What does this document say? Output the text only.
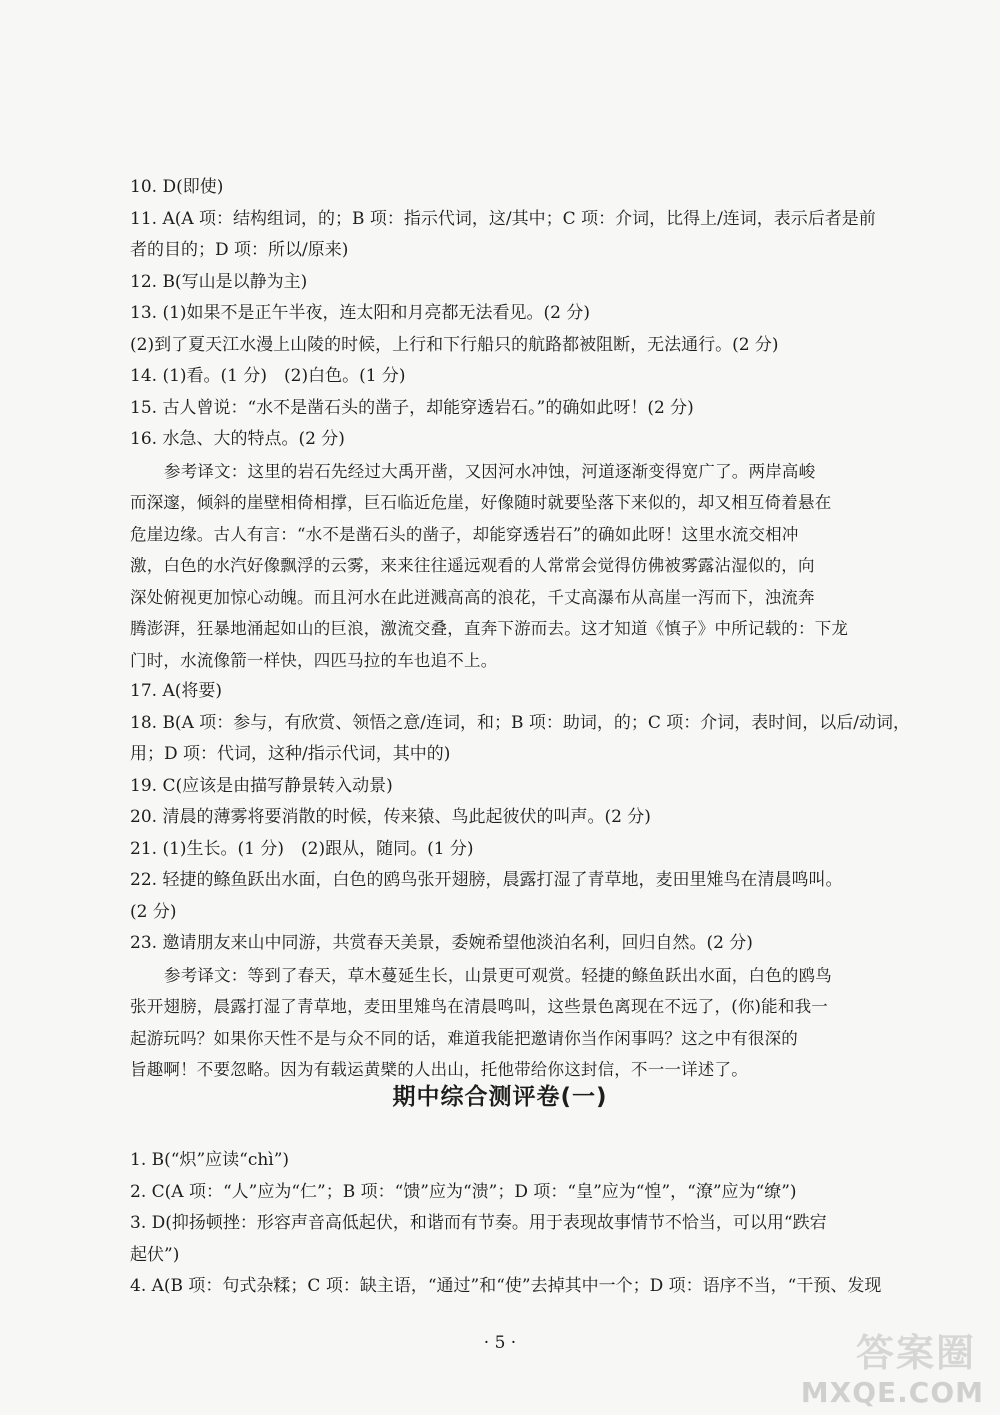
10. D(即使)
11. A(A 项：结构组词，的；B 项：指示代词，这/其中；C 项：介词，比得上/连词，表示后者是前
者的目的；D 项：所以/原来)
12. B(写山是以静为主)
13. (1)如果不是正午半夜，连太阳和月亮都无法看见。(2 分)
(2)到了夏天江水漫上山陵的时候，上行和下行船只的航路都被阻断，无法通行。(2 分)
14. (1)看。(1 分)　(2)白色。(1 分)
15. 古人曾说：“水不是凿石头的凿子，却能穿透岩石。”的确如此呀！(2 分)
16. 水急、大的特点。(2 分)
参考译文：这里的岩石先经过大禹开凿，又因河水冲蚀，河道逐渐变得宽广了。两岸高峻
而深邃，倾斜的崖壁相倚相撑，巨石临近危崖，好像随时就要坠落下来似的，却又相互倚着悬在
危崖边缘。古人有言：“水不是凿石头的凿子，却能穿透岩石”的确如此呀！这里水流交相冲
激，白色的水汽好像飘浮的云雾，来来往往遥远观看的人常常会觉得仿佛被雾露沾湿似的，向
深处俯视更加惊心动魄。而且河水在此迸溅高高的浪花，千丈高瀑布从高崖一泻而下，浊流奔
腾澎湃，狂暴地涌起如山的巨浪，激流交叠，直奔下游而去。这才知道《慎子》中所记载的：下龙
门时，水流像箭一样快，四匹马拉的车也追不上。
17. A(将要)
18. B(A 项：参与，有欣赏、领悟之意/连词，和；B 项：助词，的；C 项：介词，表时间，以后/动词，
用；D 项：代词，这种/指示代词，其中的)
19. C(应该是由描写静景转入动景)
20. 清晨的薄雾将要消散的时候，传来猿、鸟此起彼伏的叫声。(2 分)
21. (1)生长。(1 分)　(2)跟从，随同。(1 分)
22. 轻捷的鲦鱼跃出水面，白色的鸥鸟张开翅膀，晨露打湿了青草地，麦田里雉鸟在清晨鸣叫。
(2 分)
23. 邀请朋友来山中同游，共赏春天美景，委婉希望他淡泊名利，回归自然。(2 分)
参考译文：等到了春天，草木蔓延生长，山景更可观赏。轻捷的鲦鱼跃出水面，白色的鸥鸟
张开翅膀，晨露打湿了青草地，麦田里雉鸟在清晨鸣叫，这些景色离现在不远了，(你)能和我一
起游玩吗？如果你天性不是与众不同的话，难道我能把邀请你当作闲事吗？这之中有很深的
旨趣啊！不要忽略。因为有载运黄檗的人出山，托他带给你这封信，不一一详述了。
期中综合测评卷(一)
1. B(“炽”应读“chì”)
2. C(A 项：“人”应为“仁”；B 项：“馈”应为“溃”；D 项：“皇”应为“惶”，“潦”应为“缭”)
3. D(抑扬顿挫：形容声音高低起伏，和谐而有节奏。用于表现故事情节不恰当，可以用“跌宕
起伏”)
4. A(B 项：句式杂糅；C 项：缺主语，“通过”和“使”去掉其中一个；D 项：语序不当，“干预、发现
· 5 ·	答案圈
MXQE.COM
